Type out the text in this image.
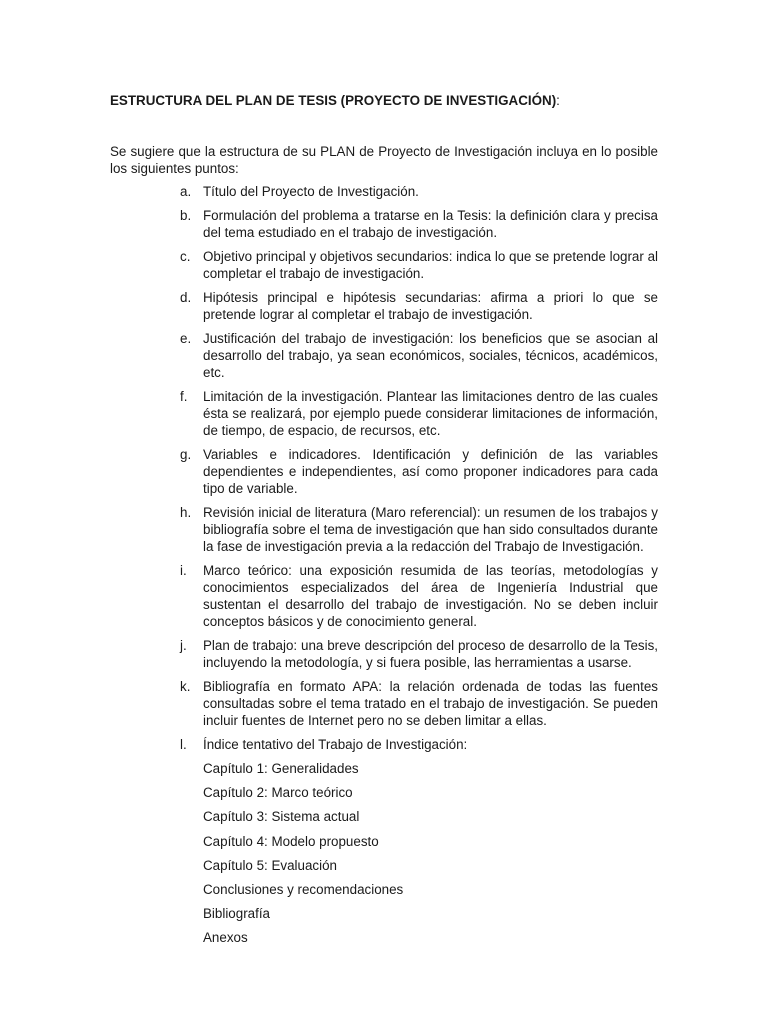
ESTRUCTURA DEL PLAN DE TESIS (PROYECTO DE INVESTIGACIÓN):

Se sugiere que la estructura de su PLAN de Proyecto de Investigación incluya en lo posible los siguientes puntos:

a. Título del Proyecto de Investigación.
b. Formulación del problema a tratarse en la Tesis: la definición clara y precisa del tema estudiado en el trabajo de investigación.
c. Objetivo principal y objetivos secundarios: indica lo que se pretende lograr al completar el trabajo de investigación.
d. Hipótesis principal e hipótesis secundarias: afirma a priori lo que se pretende lograr al completar el trabajo de investigación.
e. Justificación del trabajo de investigación: los beneficios que se asocian al desarrollo del trabajo, ya sean económicos, sociales, técnicos, académicos, etc.
f. Limitación de la investigación. Plantear las limitaciones dentro de las cuales ésta se realizará, por ejemplo puede considerar limitaciones de información, de tiempo, de espacio, de recursos, etc.
g. Variables e indicadores. Identificación y definición de las variables dependientes e independientes, así como proponer indicadores para cada tipo de variable.
h. Revisión inicial de literatura (Maro referencial): un resumen de los trabajos y bibliografía sobre el tema de investigación que han sido consultados durante la fase de investigación previa a la redacción del Trabajo de Investigación.
i. Marco teórico: una exposición resumida de las teorías, metodologías y conocimientos especializados del área de Ingeniería Industrial que sustentan el desarrollo del trabajo de investigación. No se deben incluir conceptos básicos y de conocimiento general.
j. Plan de trabajo: una breve descripción del proceso de desarrollo de la Tesis, incluyendo la metodología, y si fuera posible, las herramientas a usarse.
k. Bibliografía en formato APA: la relación ordenada de todas las fuentes consultadas sobre el tema tratado en el trabajo de investigación. Se pueden incluir fuentes de Internet pero no se deben limitar a ellas.
l. Índice tentativo del Trabajo de Investigación:
Capítulo 1: Generalidades
Capítulo 2: Marco teórico
Capítulo 3: Sistema actual
Capítulo 4: Modelo propuesto
Capítulo 5: Evaluación
Conclusiones y recomendaciones
Bibliografía
Anexos
